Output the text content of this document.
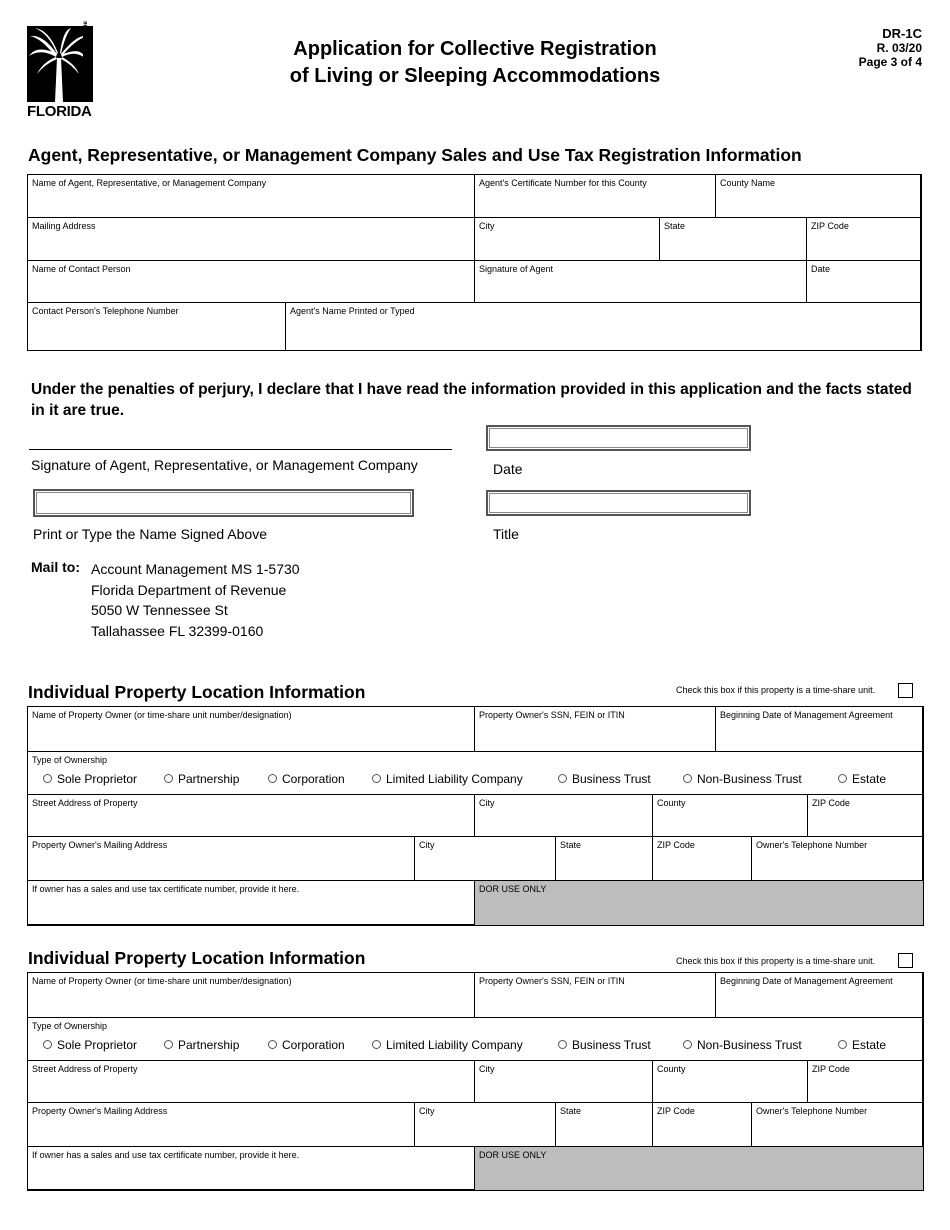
Department of Revenue
FLORIDA
Application for Collective Registration
of Living or Sleeping Accommodations
DR-1C
R. 03/20
Page 3 of 4
Agent, Representative, or Management Company Sales and Use Tax Registration Information
Name of Agent, Representative, or Management Company	Agent's Certificate Number for this County	County Name
Mailing Address	City	State	ZIP Code
Name of Contact Person	Signature of Agent	Date
Contact Person's Telephone Number	Agent's Name Printed or Typed
Under the penalties of perjury, I declare that I have read the information provided in this application and the facts stated in it are true.
Signature of Agent, Representative, or Management Company	Date
Print or Type the Name Signed Above	Title
Mail to: Account Management MS 1-5730
Florida Department of Revenue
5050 W Tennessee St
Tallahassee FL 32399-0160
Individual Property Location Information	Check this box if this property is a time-share unit.
Name of Property Owner (or time-share unit number/designation)	Property Owner's SSN, FEIN or ITIN	Beginning Date of Management Agreement
Type of Ownership
Sole Proprietor	Partnership	Corporation	Limited Liability Company	Business Trust	Non-Business Trust	Estate
Street Address of Property	City	County	ZIP Code
Property Owner's Mailing Address	City	State	ZIP Code	Owner's Telephone Number
If owner has a sales and use tax certificate number, provide it here.	DOR USE ONLY
Individual Property Location Information	Check this box if this property is a time-share unit.
Name of Property Owner (or time-share unit number/designation)	Property Owner's SSN, FEIN or ITIN	Beginning Date of Management Agreement
Type of Ownership
Sole Proprietor	Partnership	Corporation	Limited Liability Company	Business Trust	Non-Business Trust	Estate
Street Address of Property	City	County	ZIP Code
Property Owner's Mailing Address	City	State	ZIP Code	Owner's Telephone Number
If owner has a sales and use tax certificate number, provide it here.	DOR USE ONLY
